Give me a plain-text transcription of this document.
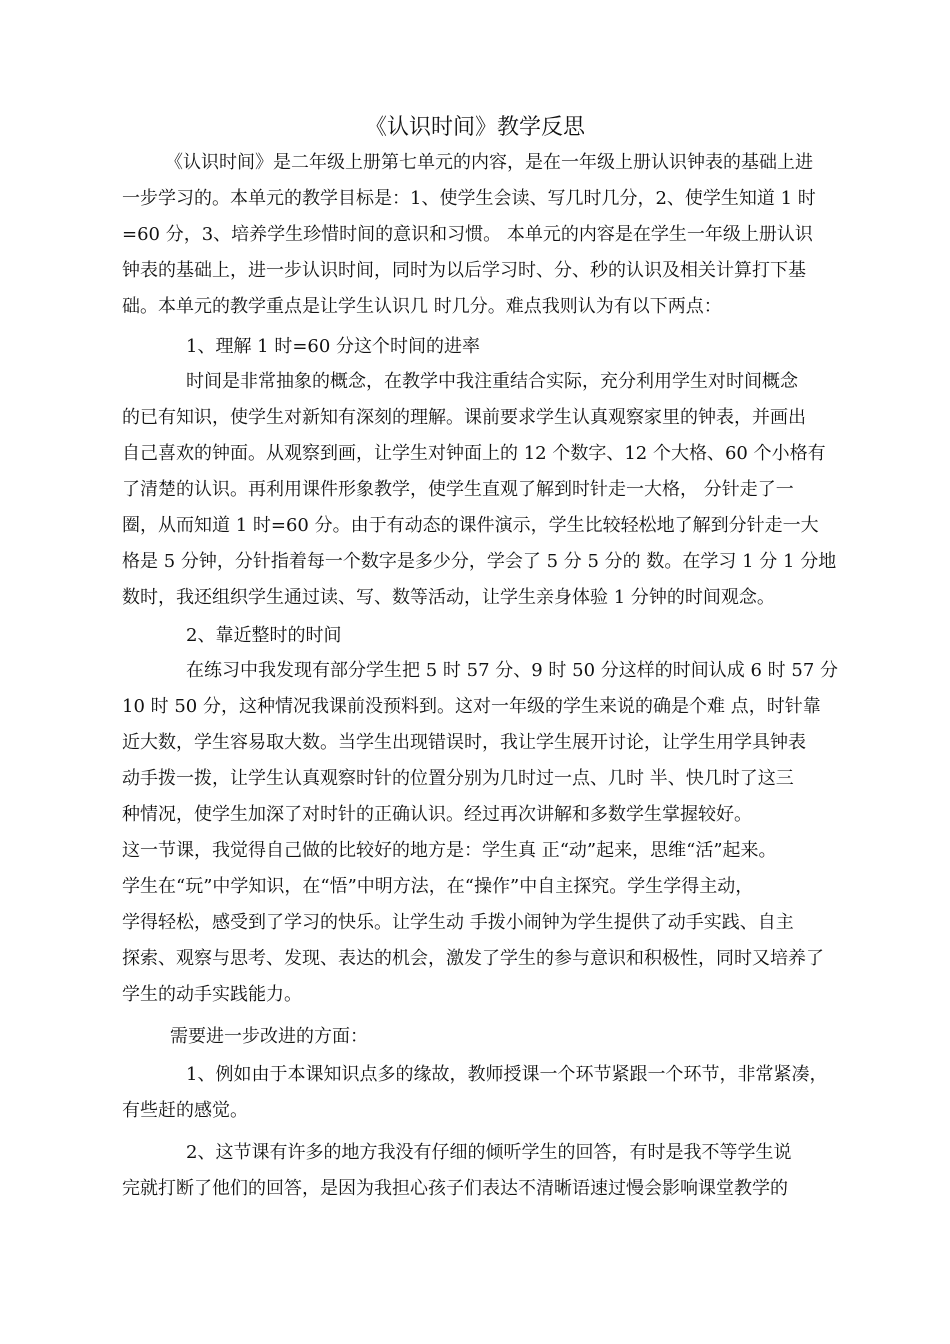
《认识时间》教学反思
《认识时间》是二年级上册第七单元的内容，是在一年级上册认识钟表的基础上进
一步学习的。本单元的教学目标是：1、使学生会读、写几时几分，2、使学生知道 1 时
=60 分，3、培养学生珍惜时间的意识和习惯。 本单元的内容是在学生一年级上册认识
钟表的基础上，进一步认识时间，同时为以后学习时、分、秒的认识及相关计算打下基
础。本单元的教学重点是让学生认识几 时几分。难点我则认为有以下两点：
1、理解 1 时=60 分这个时间的进率
时间是非常抽象的概念，在教学中我注重结合实际，充分利用学生对时间概念
的已有知识，使学生对新知有深刻的理解。课前要求学生认真观察家里的钟表，并画出
自己喜欢的钟面。从观察到画，让学生对钟面上的 12 个数字、12 个大格、60 个小格有
了清楚的认识。再利用课件形象教学，使学生直观了解到时针走一大格， 分针走了一
圈，从而知道 1 时=60 分。由于有动态的课件演示，学生比较轻松地了解到分针走一大
格是 5 分钟，分针指着每一个数字是多少分，学会了 5 分 5 分的 数。在学习 1 分 1 分地
数时，我还组织学生通过读、写、数等活动，让学生亲身体验 1 分钟的时间观念。
2、靠近整时的时间
在练习中我发现有部分学生把 5 时 57 分、9 时 50 分这样的时间认成 6 时 57 分
10 时 50 分，这种情况我课前没预料到。这对一年级的学生来说的确是个难 点，时针靠
近大数，学生容易取大数。当学生出现错误时，我让学生展开讨论，让学生用学具钟表
动手拨一拨，让学生认真观察时针的位置分别为几时过一点、几时 半、快几时了这三
种情况，使学生加深了对时针的正确认识。经过再次讲解和多数学生掌握较好。
这一节课，我觉得自己做的比较好的地方是：学生真 正“动”起来，思维“活”起来。
学生在“玩”中学知识，在“悟”中明方法，在“操作”中自主探究。学生学得主动，
学得轻松，感受到了学习的快乐。让学生动 手拨小闹钟为学生提供了动手实践、自主
探索、观察与思考、发现、表达的机会，激发了学生的参与意识和积极性，同时又培养了
学生的动手实践能力。
需要进一步改进的方面：
1、例如由于本课知识点多的缘故，教师授课一个环节紧跟一个环节，非常紧凑，
有些赶的感觉。
2、这节课有许多的地方我没有仔细的倾听学生的回答，有时是我不等学生说
完就打断了他们的回答，是因为我担心孩子们表达不清晰语速过慢会影响课堂教学的
